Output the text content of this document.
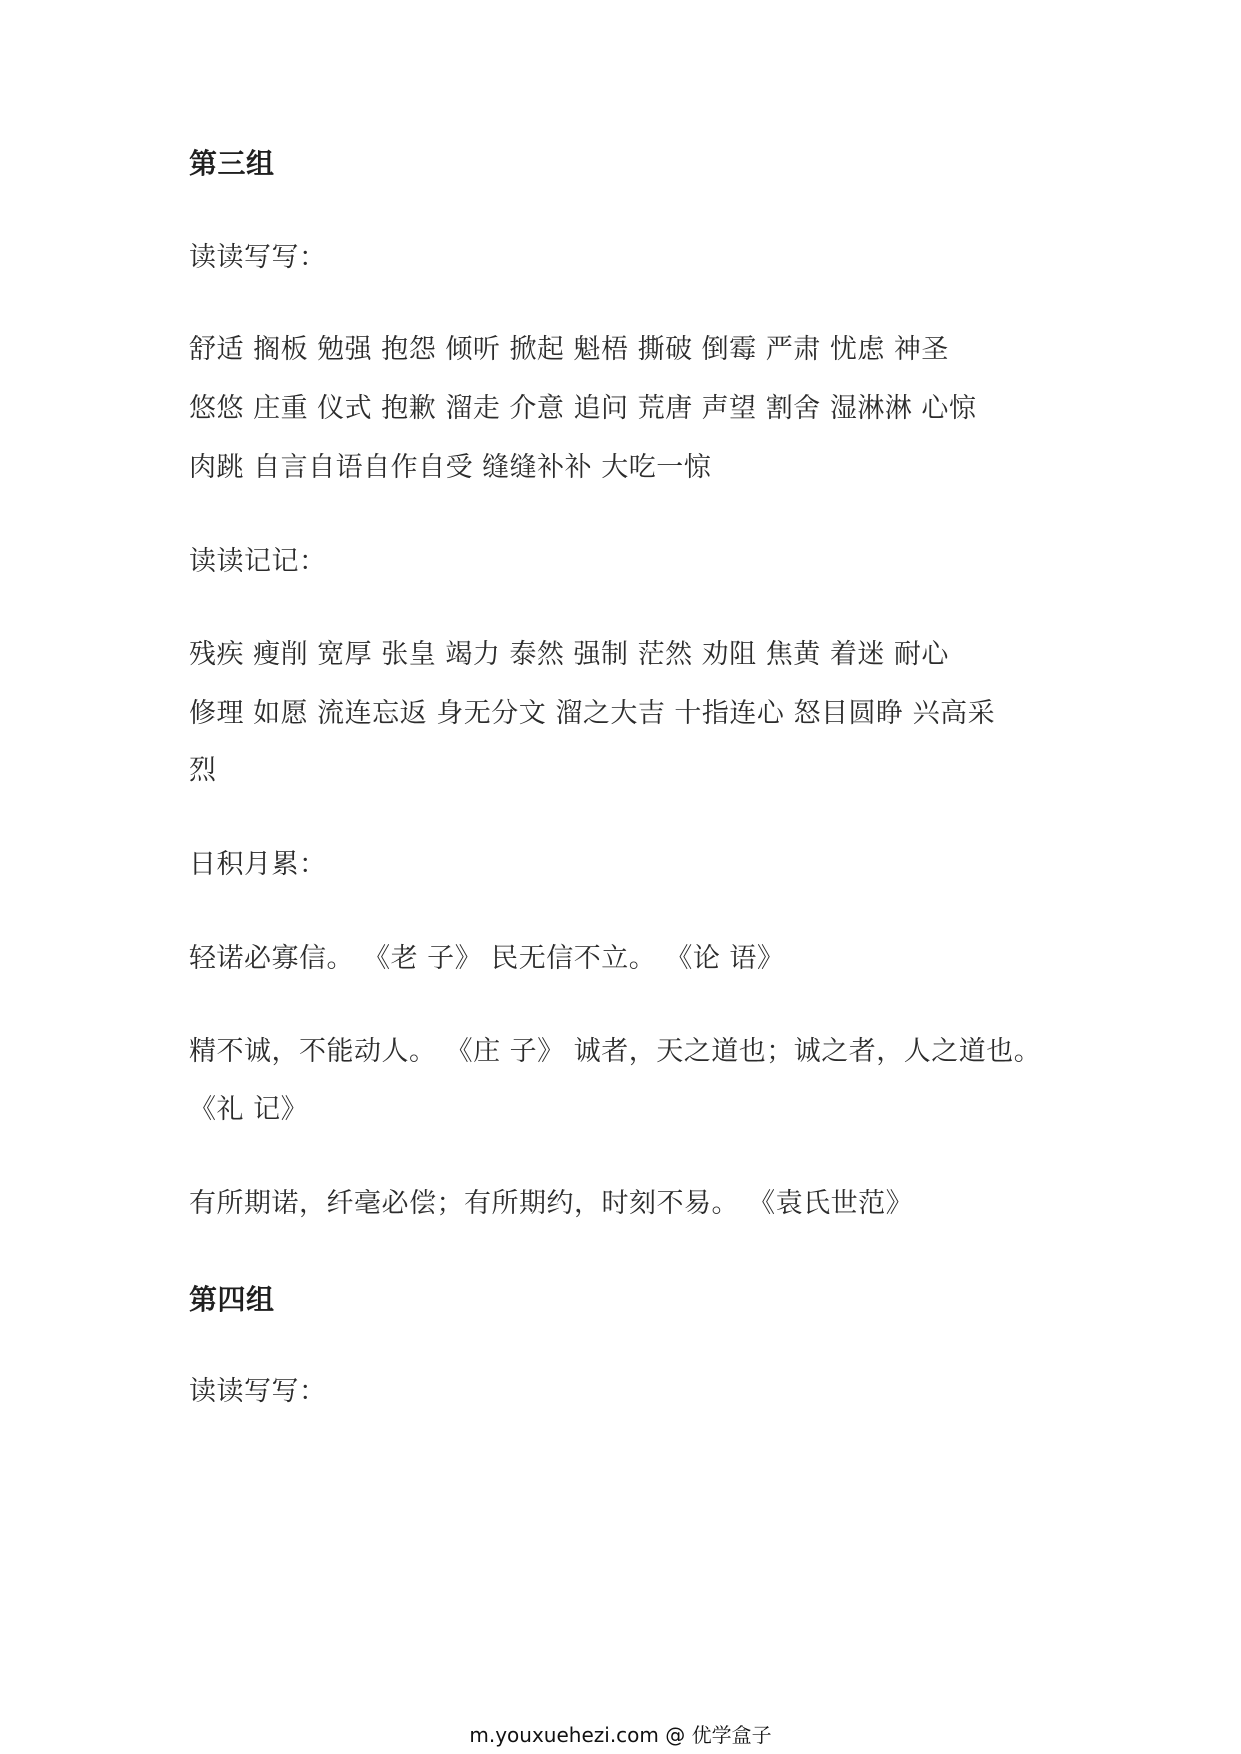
第三组
读读写写：
舒适 搁板 勉强 抱怨 倾听 掀起 魁梧 撕破 倒霉 严肃 忧虑 神圣
悠悠 庄重 仪式 抱歉 溜走 介意 追问 荒唐 声望 割舍 湿淋淋 心惊
肉跳 自言自语自作自受 缝缝补补 大吃一惊
读读记记：
残疾 瘦削 宽厚 张皇 竭力 泰然 强制 茫然 劝阻 焦黄 着迷 耐心
修理 如愿 流连忘返 身无分文 溜之大吉 十指连心 怒目圆睁 兴高采
烈
日积月累：
轻诺必寡信。 《老 子》 民无信不立。 《论 语》
精不诚，不能动人。 《庄 子》 诚者，天之道也；诚之者，人之道也。
《礼 记》
有所期诺，纤毫必偿；有所期约，时刻不易。 《袁氏世范》
第四组
读读写写：
m.youxuehezi.com @ 优学盒子
